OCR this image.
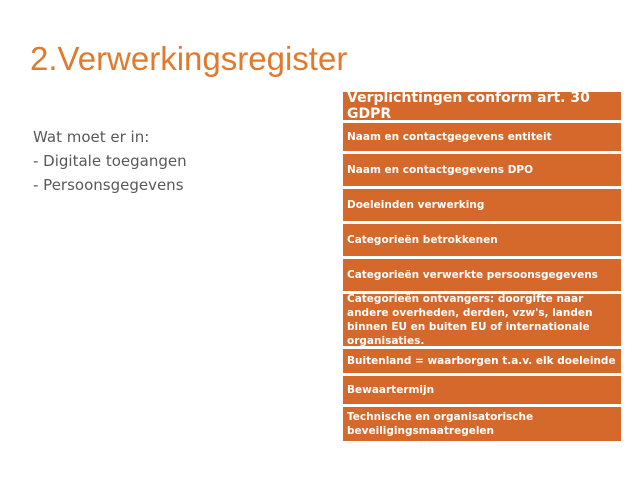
2.Verwerkingsregister
Wat moet er in:
- Digitale toegangen
- Persoonsgegevens
Verplichtingen conform art. 30 GDPR
Naam en contactgegevens entiteit
Naam en contactgegevens DPO
Doeleinden verwerking
Categorieën betrokkenen
Categorieën verwerkte persoonsgegevens
Categorieën ontvangers: doorgifte naar andere overheden, derden, vzw's, landen binnen EU en buiten EU of internationale organisaties.
Buitenland = waarborgen t.a.v. elk doeleinde
Bewaartermijn
Technische en organisatorische beveiligingsmaatregelen
